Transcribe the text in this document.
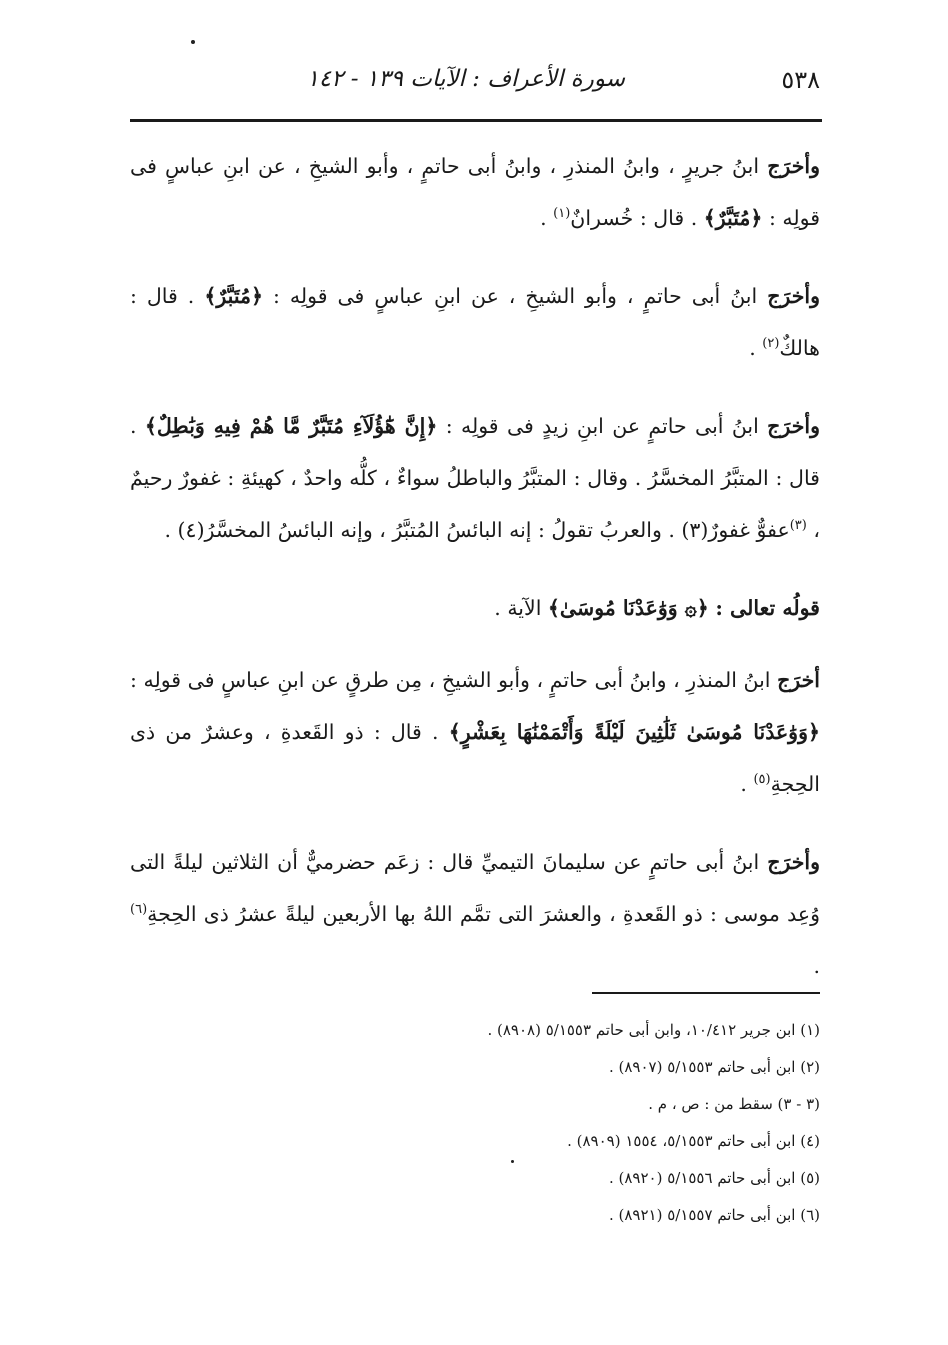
٥٣٨
سورة الأعراف : الآيات ١٣٩ - ١٤٢

وأخرَج ابنُ جريرٍ ، وابنُ المنذرِ ، وابنُ أبى حاتمٍ ، وأبو الشيخِ ، عن ابنِ عباسٍ فى قولِه : ﴿مُتَبَّرٌ﴾ . قال : خُسرانٌ$^{(١)}$ .

وأخرَج ابنُ أبى حاتمٍ ، وأبو الشيخِ ، عن ابنِ عباسٍ فى قولِه : ﴿مُتَبَّرٌ﴾ . قال : هالكٌ$^{(٢)}$ .

وأخرَج ابنُ أبى حاتمٍ عن ابنِ زيدٍ فى قولِه : ﴿إِنَّ هَٰٓؤُلَآءِ مُتَبَّرٌ مَّا هُمْ فِيهِ وَبَٰطِلٌ﴾ . قال : المتبَّرُ المخسَّرُ . وقال : المتبَّرُ والباطلُ سواءٌ ، كلُّه واحدٌ ، كهيئةِ : غفورٌ رحيمٌ ، $^{(٣)}$عفوٌّ غفورٌ(٣) . والعربُ تقولُ : إنه البائسُ المُتبَّرُ ، وإنه البائسُ المخسَّرُ(٤) .

قولُه تعالى : ﴿۞ وَوَٰعَدْنَا مُوسَىٰ﴾ الآية .

أخرَج ابنُ المنذرِ ، وابنُ أبى حاتمٍ ، وأبو الشيخِ ، مِن طرقٍ عن ابنِ عباسٍ فى قولِه : ﴿وَوَٰعَدْنَا مُوسَىٰ ثَلَٰثِينَ لَيْلَةً وَأَتْمَمْنَٰهَا بِعَشْرٍ﴾ . قال : ذو القَعدةِ ، وعشرٌ من ذى الحِجةِ$^{(٥)}$ .

وأخرَج ابنُ أبى حاتمٍ عن سليمانَ التيميِّ قال : زعَم حضرميٌّ أن الثلاثين ليلةً التى وُعِد موسى : ذو القَعدةِ ، والعشرَ التى تمَّم اللهُ بها الأربعين ليلةً عشرُ ذى الحِجةِ$^{(٦)}$ .

(١) ابن جرير ١٠/٤١٢، وابن أبى حاتم ٥/١٥٥٣ (٨٩٠٨) .

(٢) ابن أبى حاتم ٥/١٥٥٣ (٨٩٠٧) .

(٣ - ٣) سقط من : ص ، م .

(٤) ابن أبى حاتم ٥/١٥٥٣، ١٥٥٤ (٨٩٠٩) .

(٥) ابن أبى حاتم ٥/١٥٥٦ (٨٩٢٠) .

(٦) ابن أبى حاتم ٥/١٥٥٧ (٨٩٢١) .
